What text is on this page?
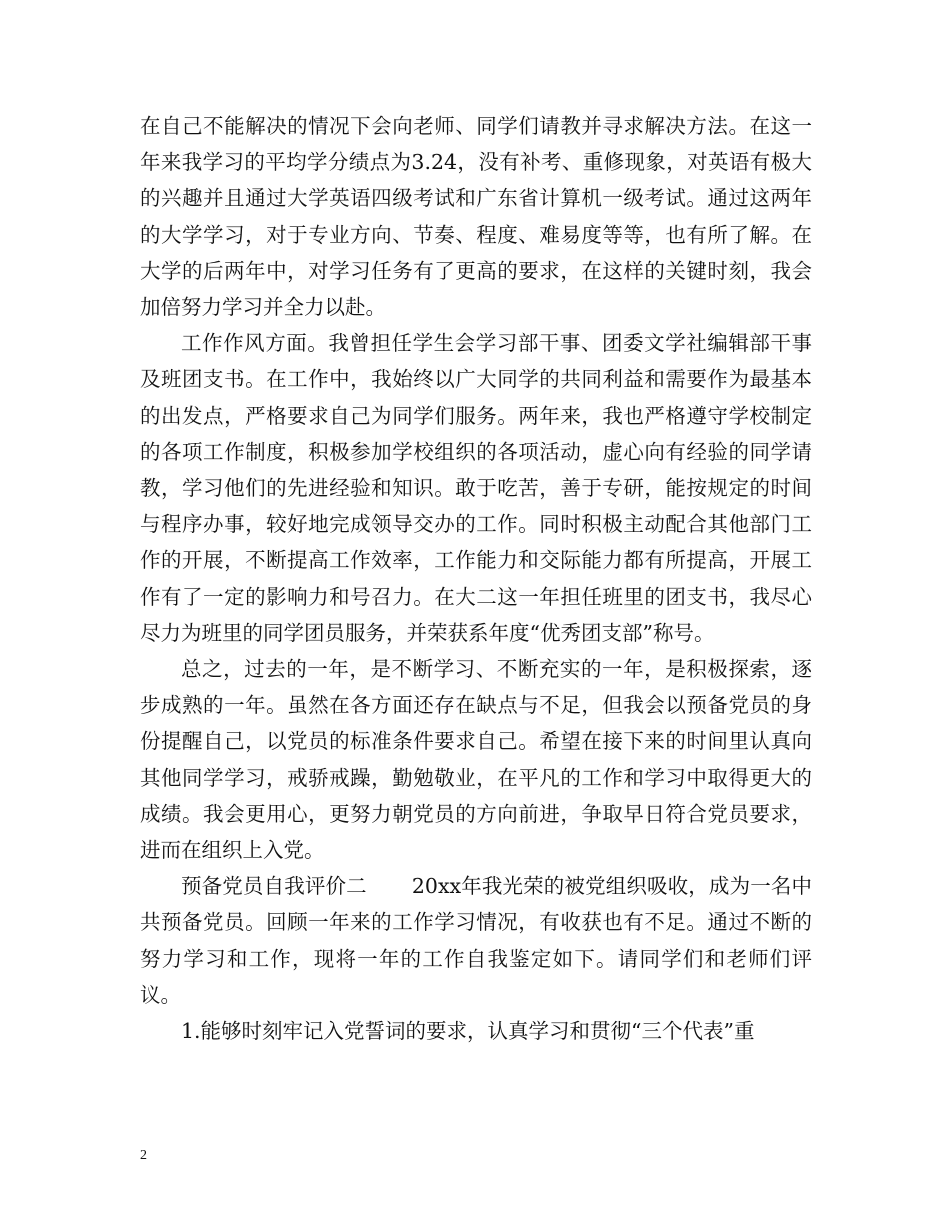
在自己不能解决的情况下会向老师、同学们请教并寻求解决方法。在这一年来我学习的平均学分绩点为3.24，没有补考、重修现象，对英语有极大的兴趣并且通过大学英语四级考试和广东省计算机一级考试。通过这两年的大学学习，对于专业方向、节奏、程度、难易度等等，也有所了解。在大学的后两年中，对学习任务有了更高的要求，在这样的关键时刻，我会加倍努力学习并全力以赴。

工作作风方面。我曾担任学生会学习部干事、团委文学社编辑部干事及班团支书。在工作中，我始终以广大同学的共同利益和需要作为最基本的出发点，严格要求自己为同学们服务。两年来，我也严格遵守学校制定的各项工作制度，积极参加学校组织的各项活动，虚心向有经验的同学请教，学习他们的先进经验和知识。敢于吃苦，善于专研，能按规定的时间与程序办事，较好地完成领导交办的工作。同时积极主动配合其他部门工作的开展，不断提高工作效率，工作能力和交际能力都有所提高，开展工作有了一定的影响力和号召力。在大二这一年担任班里的团支书，我尽心尽力为班里的同学团员服务，并荣获系年度“优秀团支部”称号。

总之，过去的一年，是不断学习、不断充实的一年，是积极探索，逐步成熟的一年。虽然在各方面还存在缺点与不足，但我会以预备党员的身份提醒自己，以党员的标准条件要求自己。希望在接下来的时间里认真向其他同学学习，戒骄戒躁，勤勉敬业，在平凡的工作和学习中取得更大的成绩。我会更用心，更努力朝党员的方向前进，争取早日符合党员要求，进而在组织上入党。

预备党员自我评价二 20xx年我光荣的被党组织吸收，成为一名中共预备党员。回顾一年来的工作学习情况，有收获也有不足。通过不断的努力学习和工作，现将一年的工作自我鉴定如下。请同学们和老师们评议。

1.能够时刻牢记入党誓词的要求，认真学习和贯彻“三个代表”重

2
